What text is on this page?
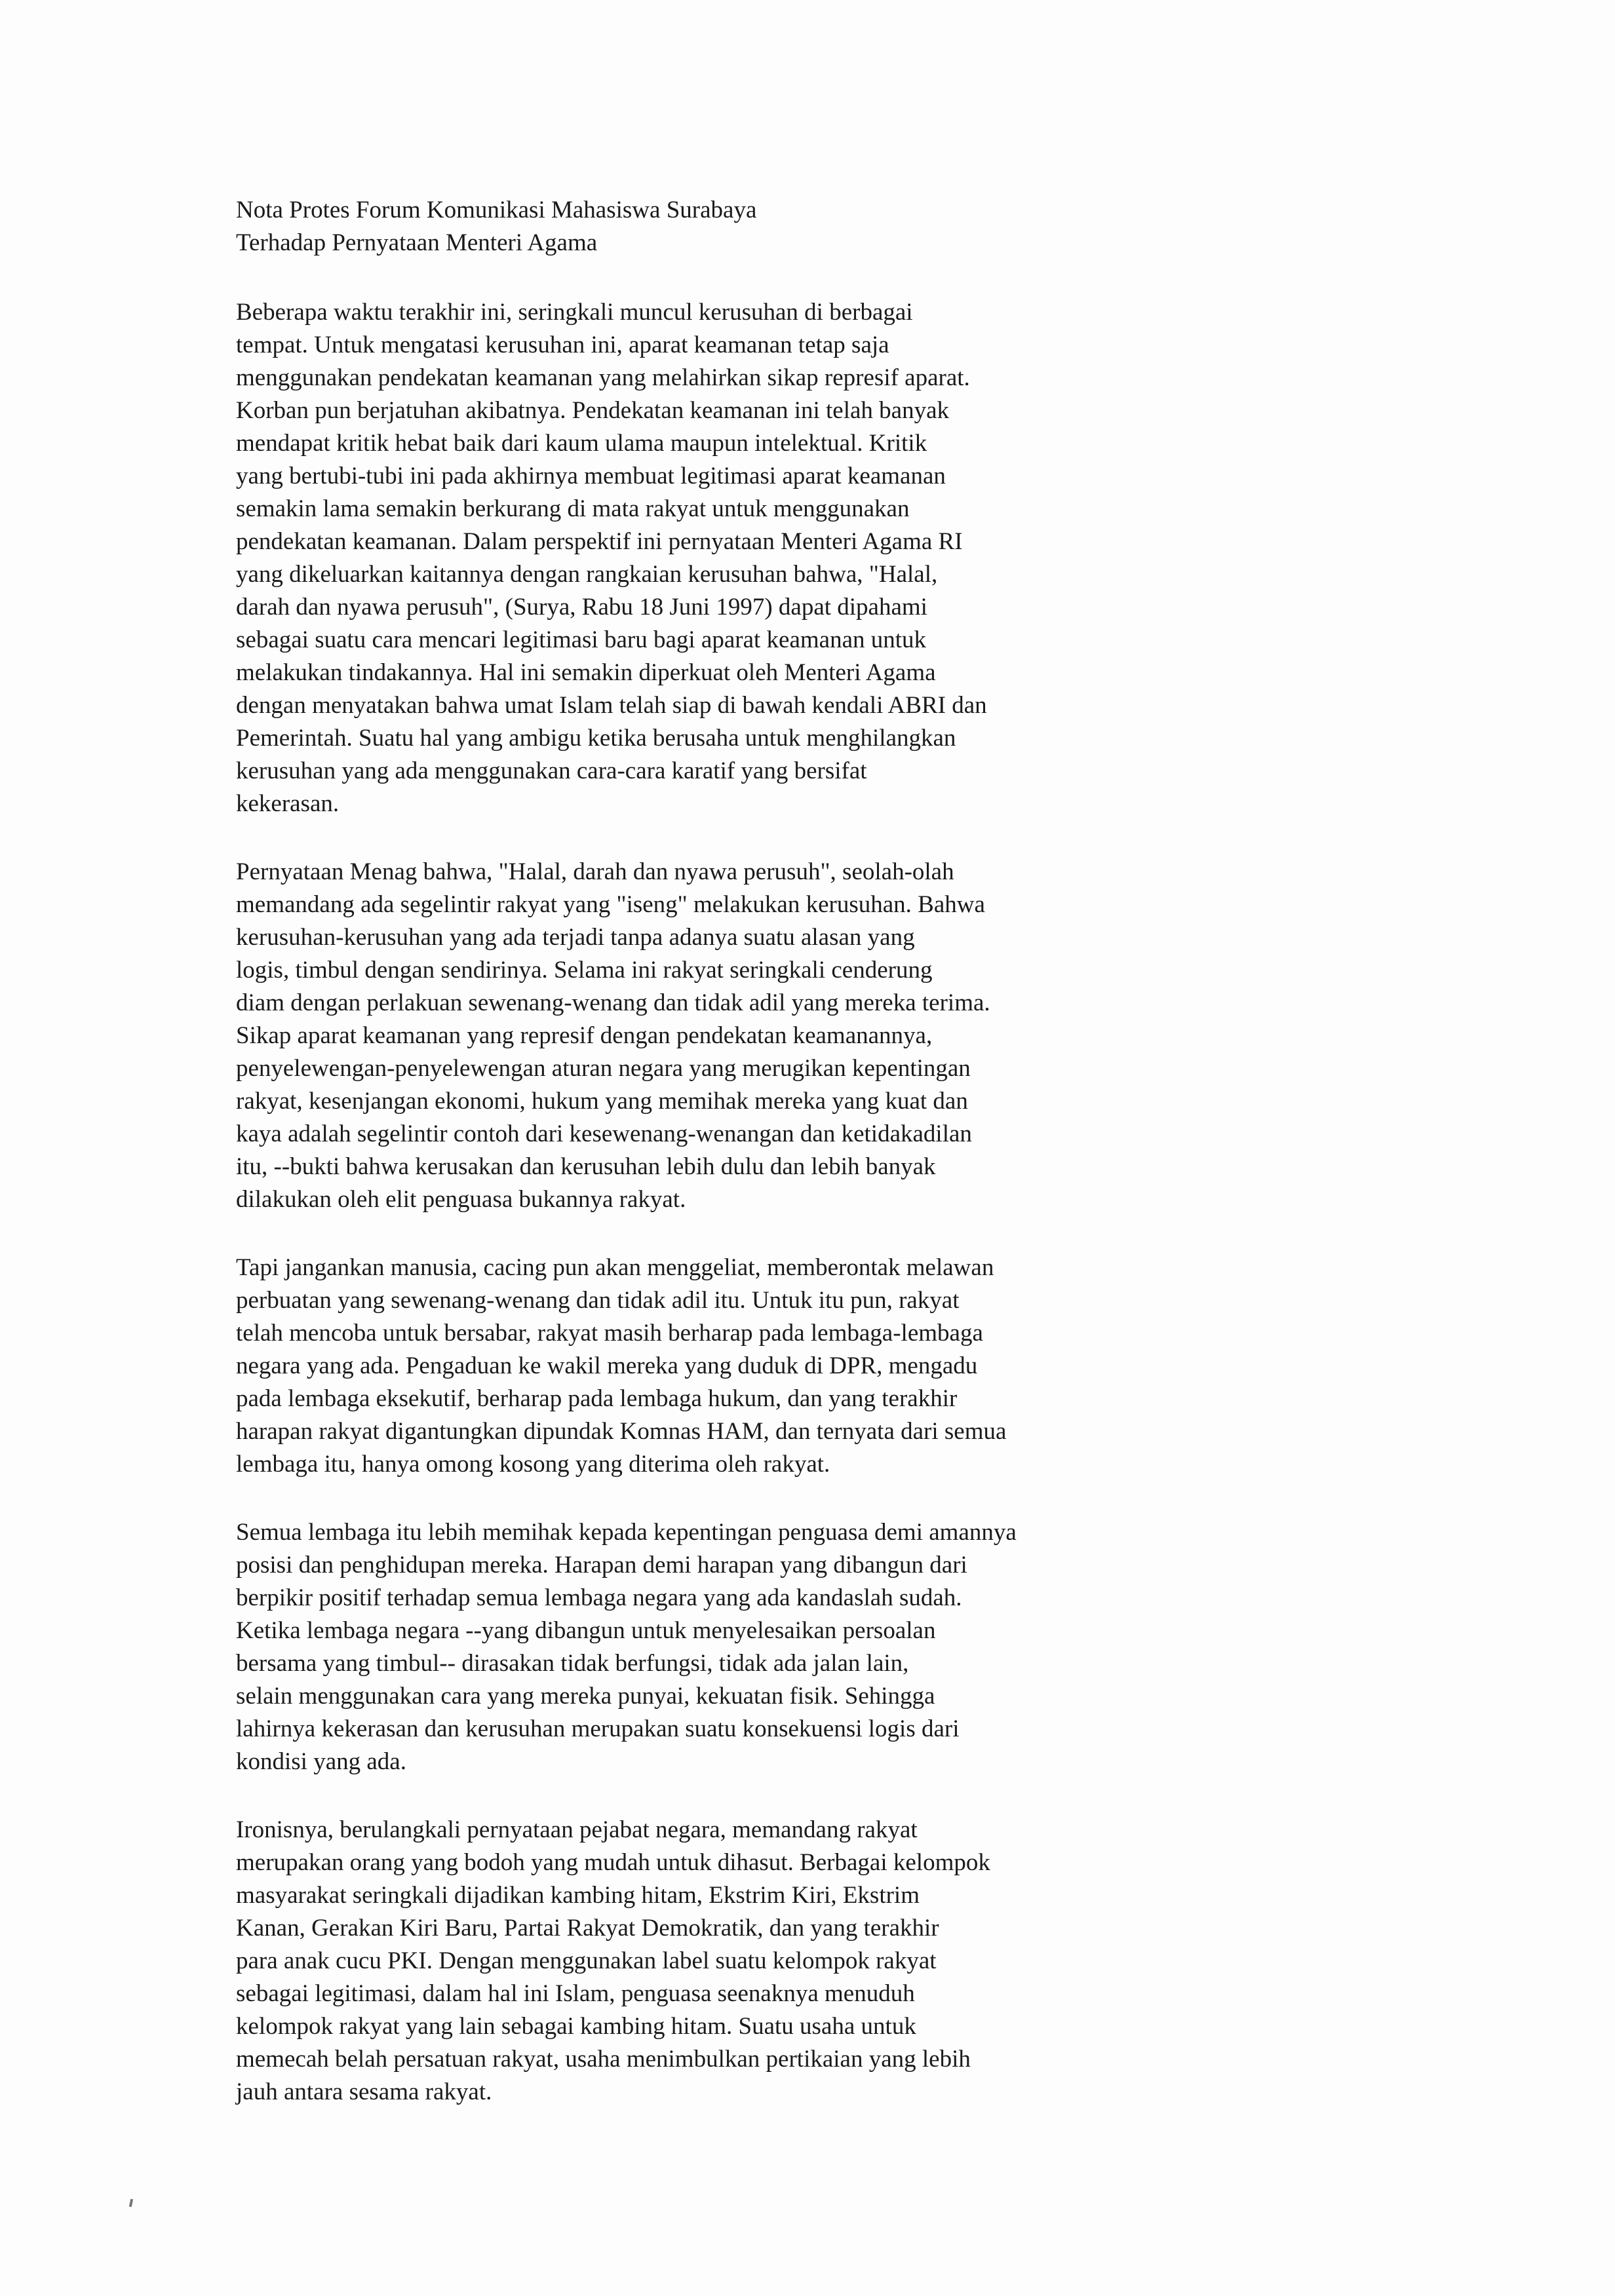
Nota Protes Forum Komunikasi Mahasiswa Surabaya
Terhadap Pernyataan Menteri Agama
Beberapa waktu terakhir ini, seringkali muncul kerusuhan di berbagai
tempat. Untuk mengatasi kerusuhan ini, aparat keamanan tetap saja
menggunakan pendekatan keamanan yang melahirkan sikap represif aparat.
Korban pun berjatuhan akibatnya. Pendekatan keamanan ini telah banyak
mendapat kritik hebat baik dari kaum ulama maupun intelektual. Kritik
yang bertubi-tubi ini pada akhirnya membuat legitimasi aparat keamanan
semakin lama semakin berkurang di mata rakyat untuk menggunakan
pendekatan keamanan. Dalam perspektif ini pernyataan Menteri Agama RI
yang dikeluarkan kaitannya dengan rangkaian kerusuhan bahwa, "Halal,
darah dan nyawa perusuh", (Surya, Rabu 18 Juni 1997) dapat dipahami
sebagai suatu cara mencari legitimasi baru bagi aparat keamanan untuk
melakukan tindakannya. Hal ini semakin diperkuat oleh Menteri Agama
dengan menyatakan bahwa umat Islam telah siap di bawah kendali ABRI dan
Pemerintah. Suatu hal yang ambigu ketika berusaha untuk menghilangkan
kerusuhan yang ada menggunakan cara-cara karatif yang bersifat
kekerasan.
Pernyataan Menag bahwa, "Halal, darah dan nyawa perusuh", seolah-olah
memandang ada segelintir rakyat yang "iseng" melakukan kerusuhan. Bahwa
kerusuhan-kerusuhan yang ada terjadi tanpa adanya suatu alasan yang
logis, timbul dengan sendirinya. Selama ini rakyat seringkali cenderung
diam dengan perlakuan sewenang-wenang dan tidak adil yang mereka terima.
Sikap aparat keamanan yang represif dengan pendekatan keamanannya,
penyelewengan-penyelewengan aturan negara yang merugikan kepentingan
rakyat, kesenjangan ekonomi, hukum yang memihak mereka yang kuat dan
kaya adalah segelintir contoh dari kesewenang-wenangan dan ketidakadilan
itu, --bukti bahwa kerusakan dan kerusuhan lebih dulu dan lebih banyak
dilakukan oleh elit penguasa bukannya rakyat.
Tapi jangankan manusia, cacing pun akan menggeliat, memberontak melawan
perbuatan yang sewenang-wenang dan tidak adil itu. Untuk itu pun, rakyat
telah mencoba untuk bersabar, rakyat masih berharap pada lembaga-lembaga
negara yang ada. Pengaduan ke wakil mereka yang duduk di DPR, mengadu
pada lembaga eksekutif, berharap pada lembaga hukum, dan yang terakhir
harapan rakyat digantungkan dipundak Komnas HAM, dan ternyata dari semua
lembaga itu, hanya omong kosong yang diterima oleh rakyat.
Semua lembaga itu lebih memihak kepada kepentingan penguasa demi amannya
posisi dan penghidupan mereka. Harapan demi harapan yang dibangun dari
berpikir positif terhadap semua lembaga negara yang ada kandaslah sudah.
Ketika lembaga negara --yang dibangun untuk menyelesaikan persoalan
bersama yang timbul-- dirasakan tidak berfungsi, tidak ada jalan lain,
selain menggunakan cara yang mereka punyai, kekuatan fisik. Sehingga
lahirnya kekerasan dan kerusuhan merupakan suatu konsekuensi logis dari
kondisi yang ada.
Ironisnya, berulangkali pernyataan pejabat negara, memandang rakyat
merupakan orang yang bodoh yang mudah untuk dihasut. Berbagai kelompok
masyarakat seringkali dijadikan kambing hitam, Ekstrim Kiri, Ekstrim
Kanan, Gerakan Kiri Baru, Partai Rakyat Demokratik, dan yang terakhir
para anak cucu PKI. Dengan menggunakan label suatu kelompok rakyat
sebagai legitimasi, dalam hal ini Islam, penguasa seenaknya menuduh
kelompok rakyat yang lain sebagai kambing hitam. Suatu usaha untuk
memecah belah persatuan rakyat, usaha menimbulkan pertikaian yang lebih
jauh antara sesama rakyat.
